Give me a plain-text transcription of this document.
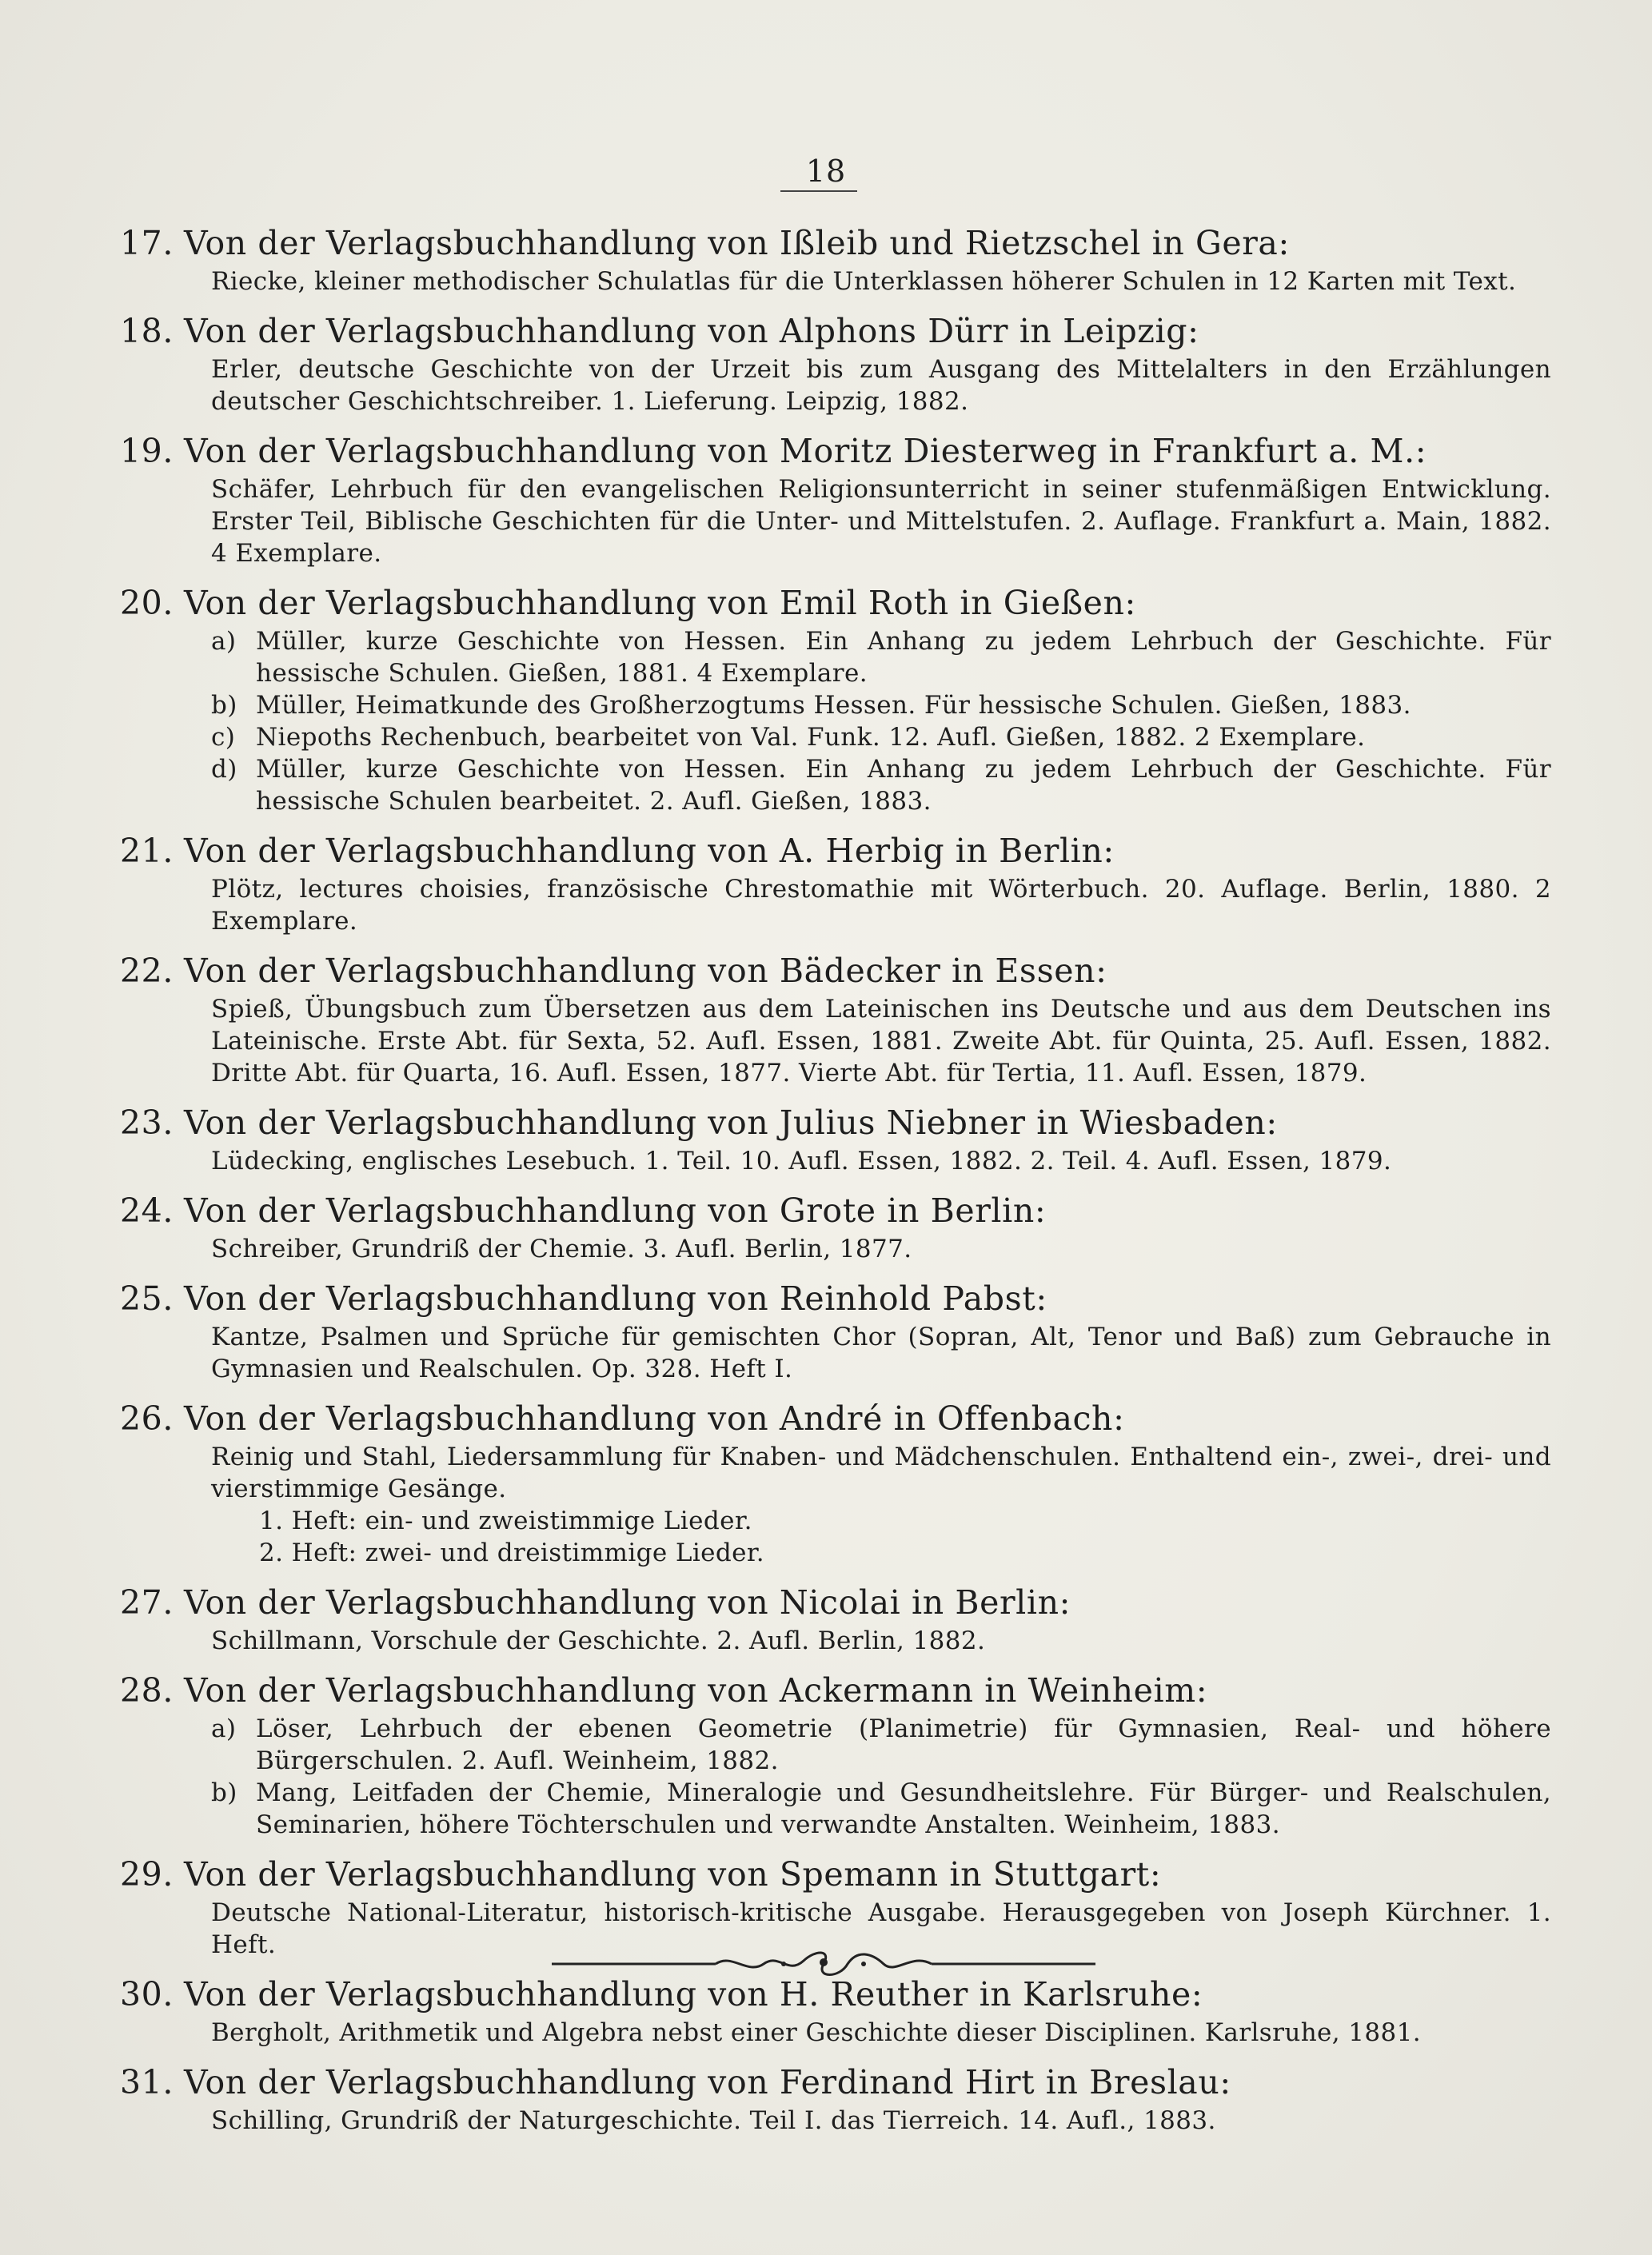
18
17. Von der Verlagsbuchhandlung von Ißleib und Rietzschel in Gera:
Riecke, kleiner methodischer Schulatlas für die Unterklassen höherer Schulen in 12 Karten mit Text.
18. Von der Verlagsbuchhandlung von Alphons Dürr in Leipzig:
Erler, deutsche Geschichte von der Urzeit bis zum Ausgang des Mittelalters in den Erzählungen deutscher Geschichtschreiber. 1. Lieferung. Leipzig, 1882.
19. Von der Verlagsbuchhandlung von Moritz Diesterweg in Frankfurt a. M.:
Schäfer, Lehrbuch für den evangelischen Religionsunterricht in seiner stufenmäßigen Entwicklung. Erster Teil, Biblische Geschichten für die Unter- und Mittelstufen. 2. Auflage. Frankfurt a. Main, 1882. 4 Exemplare.
20. Von der Verlagsbuchhandlung von Emil Roth in Gießen:
a) Müller, kurze Geschichte von Hessen. Ein Anhang zu jedem Lehrbuch der Geschichte. Für hessische Schulen. Gießen, 1881. 4 Exemplare.
b) Müller, Heimatkunde des Großherzogtums Hessen. Für hessische Schulen. Gießen, 1883.
c) Niepoths Rechenbuch, bearbeitet von Val. Funk. 12. Aufl. Gießen, 1882. 2 Exemplare.
d) Müller, kurze Geschichte von Hessen. Ein Anhang zu jedem Lehrbuch der Geschichte. Für hessische Schulen bearbeitet. 2. Aufl. Gießen, 1883.
21. Von der Verlagsbuchhandlung von A. Herbig in Berlin:
Plötz, lectures choisies, französische Chrestomathie mit Wörterbuch. 20. Auflage. Berlin, 1880. 2 Exemplare.
22. Von der Verlagsbuchhandlung von Bädecker in Essen:
Spieß, Übungsbuch zum Übersetzen aus dem Lateinischen ins Deutsche und aus dem Deutschen ins Lateinische. Erste Abt. für Sexta, 52. Aufl. Essen, 1881. Zweite Abt. für Quinta, 25. Aufl. Essen, 1882. Dritte Abt. für Quarta, 16. Aufl. Essen, 1877. Vierte Abt. für Tertia, 11. Aufl. Essen, 1879.
23. Von der Verlagsbuchhandlung von Julius Niebner in Wiesbaden:
Lüdecking, englisches Lesebuch. 1. Teil. 10. Aufl. Essen, 1882. 2. Teil. 4. Aufl. Essen, 1879.
24. Von der Verlagsbuchhandlung von Grote in Berlin:
Schreiber, Grundriß der Chemie. 3. Aufl. Berlin, 1877.
25. Von der Verlagsbuchhandlung von Reinhold Pabst:
Kantze, Psalmen und Sprüche für gemischten Chor (Sopran, Alt, Tenor und Baß) zum Gebrauche in Gymnasien und Realschulen. Op. 328. Heft I.
26. Von der Verlagsbuchhandlung von André in Offenbach:
Reinig und Stahl, Liedersammlung für Knaben- und Mädchenschulen. Enthaltend ein-, zwei-, drei- und vierstimmige Gesänge.
1. Heft: ein- und zweistimmige Lieder.
2. Heft: zwei- und dreistimmige Lieder.
27. Von der Verlagsbuchhandlung von Nicolai in Berlin:
Schillmann, Vorschule der Geschichte. 2. Aufl. Berlin, 1882.
28. Von der Verlagsbuchhandlung von Ackermann in Weinheim:
a) Löser, Lehrbuch der ebenen Geometrie (Planimetrie) für Gymnasien, Real- und höhere Bürgerschulen. 2. Aufl. Weinheim, 1882.
b) Mang, Leitfaden der Chemie, Mineralogie und Gesundheitslehre. Für Bürger- und Realschulen, Seminarien, höhere Töchterschulen und verwandte Anstalten. Weinheim, 1883.
29. Von der Verlagsbuchhandlung von Spemann in Stuttgart:
Deutsche National-Literatur, historisch-kritische Ausgabe. Herausgegeben von Joseph Kürchner. 1. Heft.
30. Von der Verlagsbuchhandlung von H. Reuther in Karlsruhe:
Bergholt, Arithmetik und Algebra nebst einer Geschichte dieser Disciplinen. Karlsruhe, 1881.
31. Von der Verlagsbuchhandlung von Ferdinand Hirt in Breslau:
Schilling, Grundriß der Naturgeschichte. Teil I. das Tierreich. 14. Aufl., 1883.
